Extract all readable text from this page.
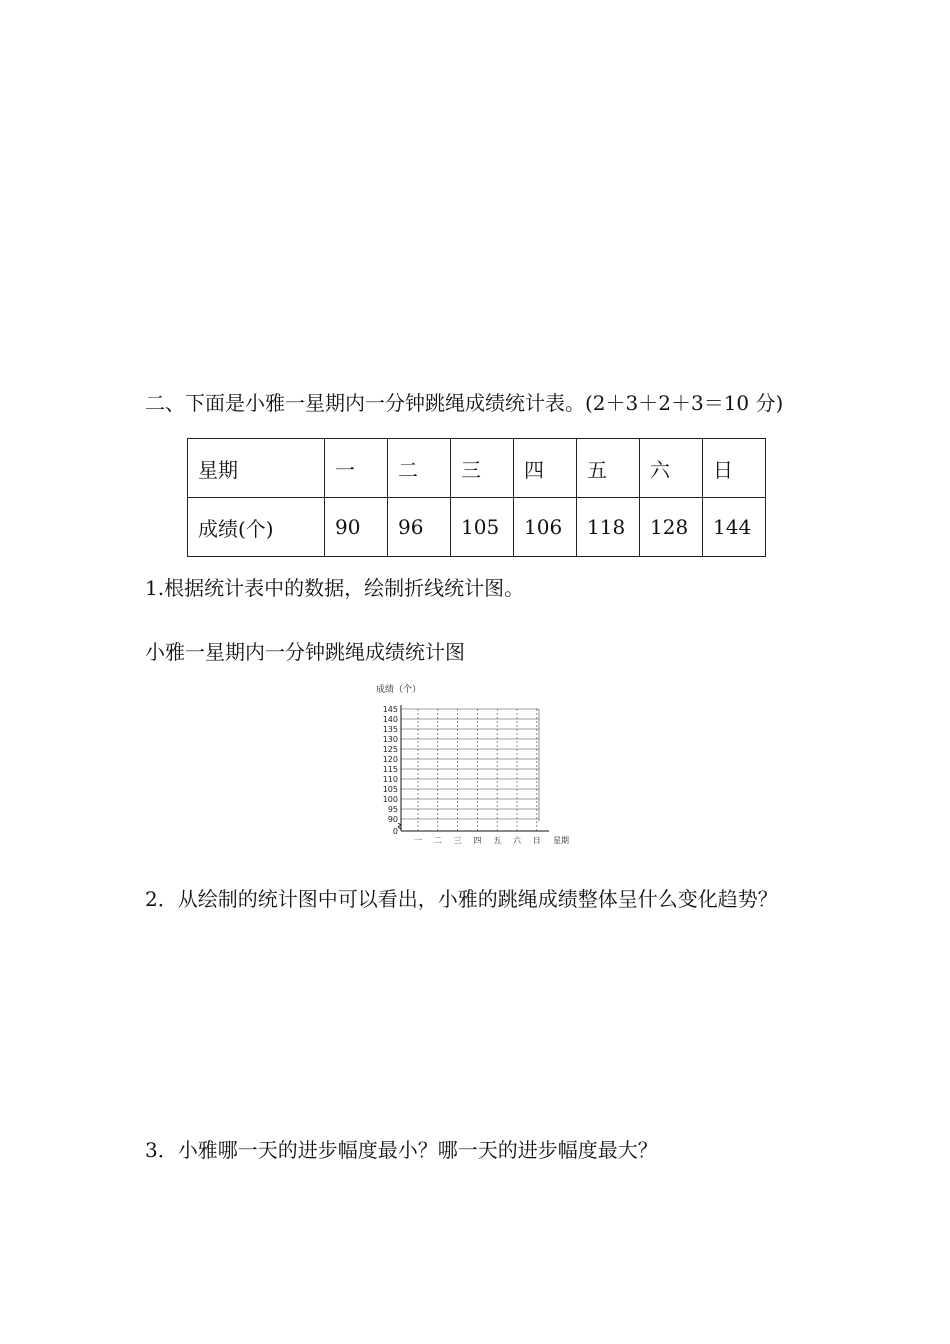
二、下面是小雅一星期内一分钟跳绳成绩统计表。(2＋3＋2＋3＝10 分)
星期	一	二	三	四	五	六	日
成绩(个)	90	96	105	106	118	128	144
1.根据统计表中的数据，绘制折线统计图。
小雅一星期内一分钟跳绳成绩统计图
成绩（个）
145
140
135
130
125
120
115
110
105
100
95
90
0
一 二 三 四 五 六 日 星期
2．从绘制的统计图中可以看出，小雅的跳绳成绩整体呈什么变化趋势？
3．小雅哪一天的进步幅度最小？哪一天的进步幅度最大？
